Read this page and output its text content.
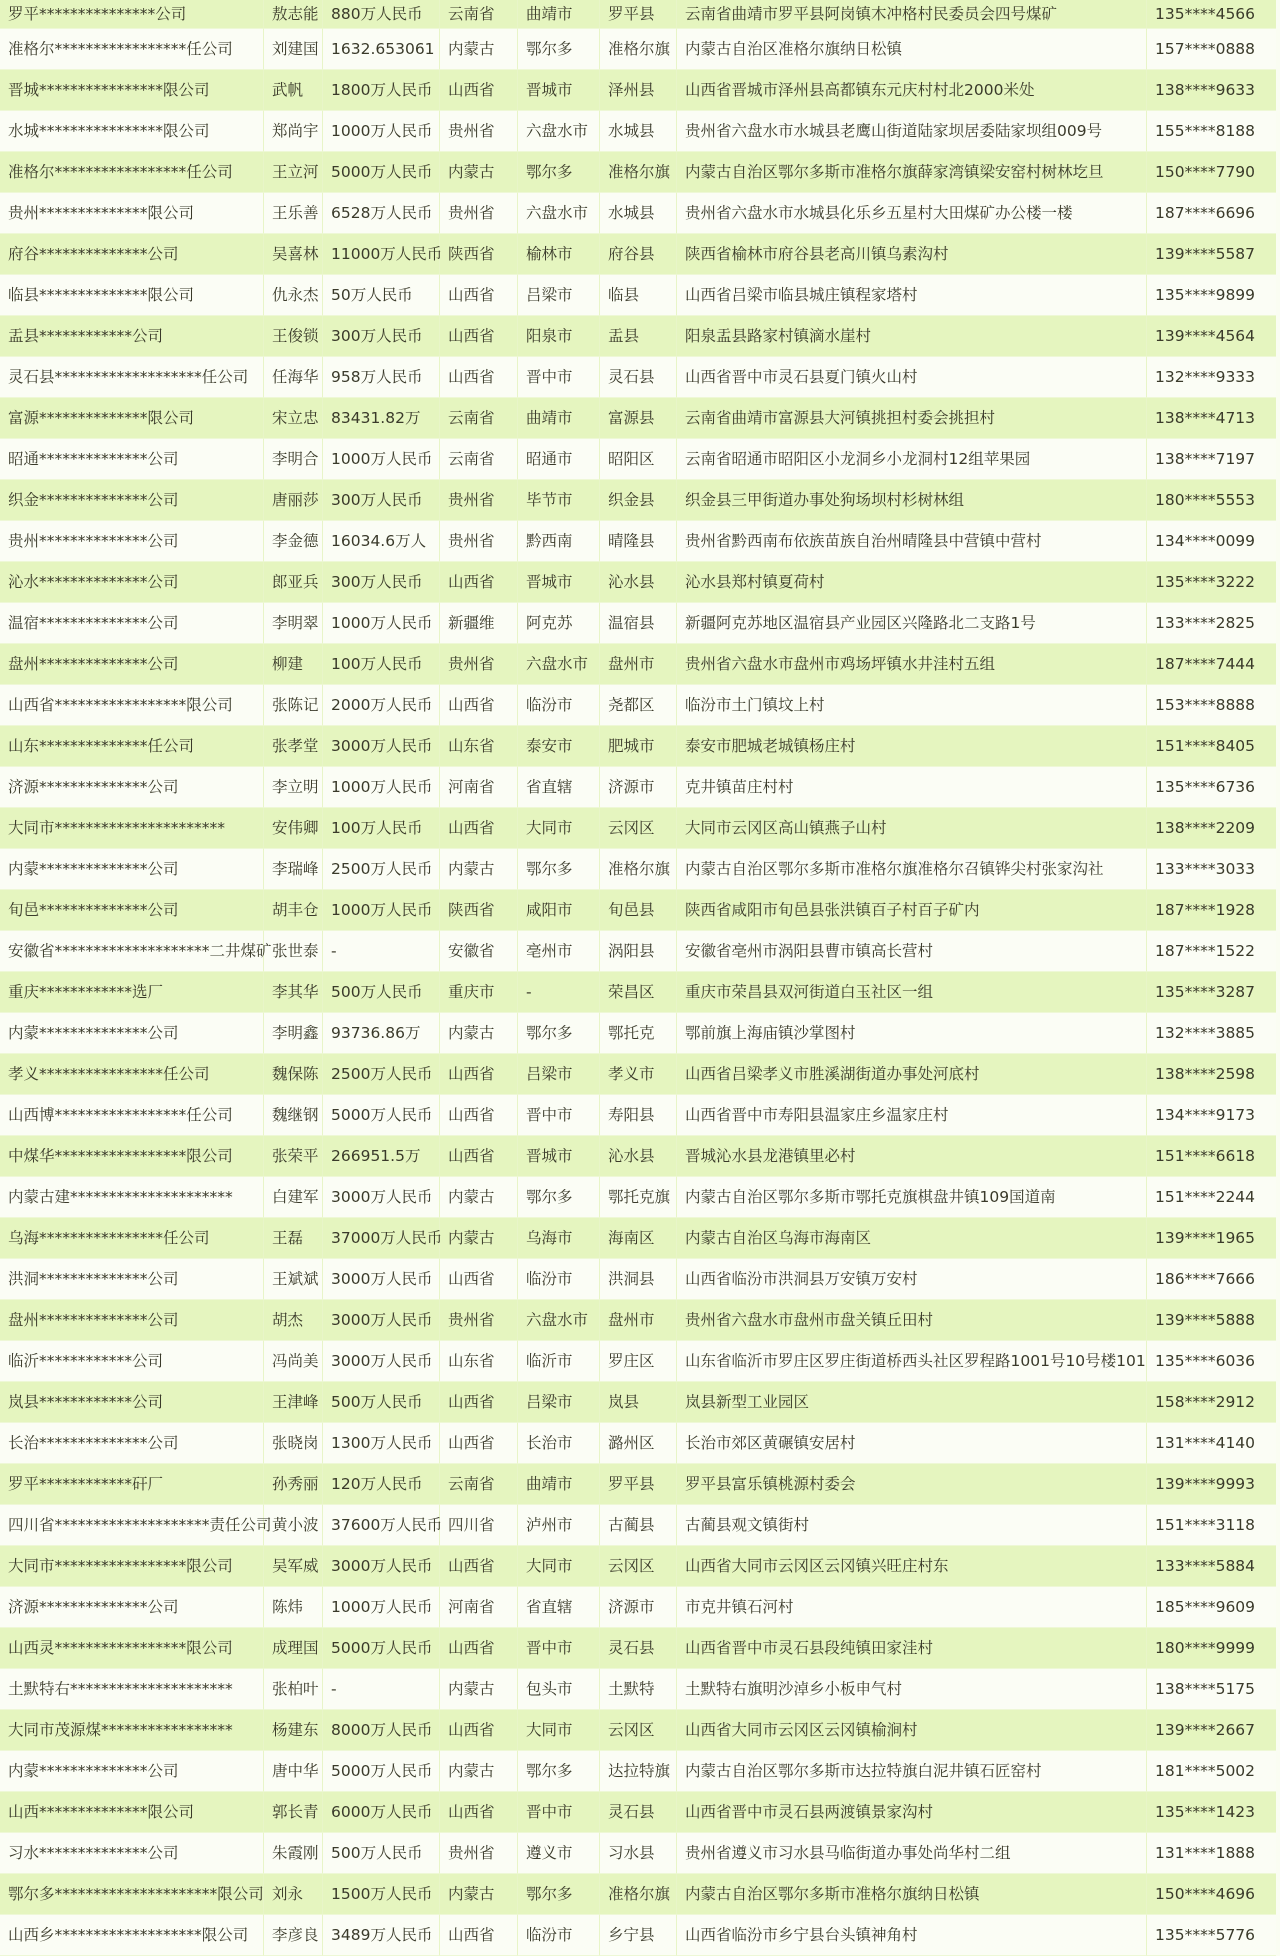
罗平***************公司	敖志能	880万人民币	云南省	曲靖市	罗平县	云南省曲靖市罗平县阿岗镇木冲格村民委员会四号煤矿	135****4566
准格尔*****************任公司	刘建国	1632.653061	内蒙古	鄂尔多	准格尔旗	内蒙古自治区准格尔旗纳日松镇	157****0888
晋城****************限公司	武帆	1800万人民币	山西省	晋城市	泽州县	山西省晋城市泽州县高都镇东元庆村村北2000米处	138****9633
水城****************限公司	郑尚宇	1000万人民币	贵州省	六盘水市	水城县	贵州省六盘水市水城县老鹰山街道陆家坝居委陆家坝组009号	155****8188
准格尔*****************任公司	王立河	5000万人民币	内蒙古	鄂尔多	准格尔旗	内蒙古自治区鄂尔多斯市准格尔旗薛家湾镇梁安窑村树林圪旦	150****7790
贵州**************限公司	王乐善	6528万人民币	贵州省	六盘水市	水城县	贵州省六盘水市水城县化乐乡五星村大田煤矿办公楼一楼	187****6696
府谷**************公司	吴喜林	11000万人民币	陕西省	榆林市	府谷县	陕西省榆林市府谷县老高川镇乌素沟村	139****5587
临县**************限公司	仇永杰	50万人民币	山西省	吕梁市	临县	山西省吕梁市临县城庄镇程家塔村	135****9899
盂县************公司	王俊锁	300万人民币	山西省	阳泉市	盂县	阳泉盂县路家村镇滴水崖村	139****4564
灵石县*******************任公司	任海华	958万人民币	山西省	晋中市	灵石县	山西省晋中市灵石县夏门镇火山村	132****9333
富源**************限公司	宋立忠	83431.82万	云南省	曲靖市	富源县	云南省曲靖市富源县大河镇挑担村委会挑担村	138****4713
昭通**************公司	李明合	1000万人民币	云南省	昭通市	昭阳区	云南省昭通市昭阳区小龙洞乡小龙洞村12组苹果园	138****7197
织金**************公司	唐丽莎	300万人民币	贵州省	毕节市	织金县	织金县三甲街道办事处狗场坝村杉树林组	180****5553
贵州**************公司	李金德	16034.6万人	贵州省	黔西南	晴隆县	贵州省黔西南布依族苗族自治州晴隆县中营镇中营村	134****0099
沁水**************公司	郎亚兵	300万人民币	山西省	晋城市	沁水县	沁水县郑村镇夏荷村	135****3222
温宿**************公司	李明翠	1000万人民币	新疆维	阿克苏	温宿县	新疆阿克苏地区温宿县产业园区兴隆路北二支路1号	133****2825
盘州**************公司	柳建	100万人民币	贵州省	六盘水市	盘州市	贵州省六盘水市盘州市鸡场坪镇水井洼村五组	187****7444
山西省*****************限公司	张陈记	2000万人民币	山西省	临汾市	尧都区	临汾市土门镇坟上村	153****8888
山东**************任公司	张孝堂	3000万人民币	山东省	泰安市	肥城市	泰安市肥城老城镇杨庄村	151****8405
济源**************公司	李立明	1000万人民币	河南省	省直辖	济源市	克井镇苗庄村村	135****6736
大同市**********************	安伟卿	100万人民币	山西省	大同市	云冈区	大同市云冈区高山镇燕子山村	138****2209
内蒙**************公司	李瑞峰	2500万人民币	内蒙古	鄂尔多	准格尔旗	内蒙古自治区鄂尔多斯市准格尔旗准格尔召镇铧尖村张家沟社	133****3033
旬邑**************公司	胡丰仓	1000万人民币	陕西省	咸阳市	旬邑县	陕西省咸阳市旬邑县张洪镇百子村百子矿内	187****1928
安徽省********************二井煤矿	张世泰	-	安徽省	亳州市	涡阳县	安徽省亳州市涡阳县曹市镇高长营村	187****1522
重庆************选厂	李其华	500万人民币	重庆市	-	荣昌区	重庆市荣昌县双河街道白玉社区一组	135****3287
内蒙**************公司	李明鑫	93736.86万	内蒙古	鄂尔多	鄂托克	鄂前旗上海庙镇沙掌图村	132****3885
孝义****************任公司	魏保陈	2500万人民币	山西省	吕梁市	孝义市	山西省吕梁孝义市胜溪湖街道办事处河底村	138****2598
山西博*****************任公司	魏继钢	5000万人民币	山西省	晋中市	寿阳县	山西省晋中市寿阳县温家庄乡温家庄村	134****9173
中煤华*****************限公司	张荣平	266951.5万	山西省	晋城市	沁水县	晋城沁水县龙港镇里必村	151****6618
内蒙古建*********************	白建军	3000万人民币	内蒙古	鄂尔多	鄂托克旗	内蒙古自治区鄂尔多斯市鄂托克旗棋盘井镇109国道南	151****2244
乌海****************任公司	王磊	37000万人民币	内蒙古	乌海市	海南区	内蒙古自治区乌海市海南区	139****1965
洪洞**************公司	王斌斌	3000万人民币	山西省	临汾市	洪洞县	山西省临汾市洪洞县万安镇万安村	186****7666
盘州**************公司	胡杰	3000万人民币	贵州省	六盘水市	盘州市	贵州省六盘水市盘州市盘关镇丘田村	139****5888
临沂************公司	冯尚美	3000万人民币	山东省	临沂市	罗庄区	山东省临沂市罗庄区罗庄街道桥西头社区罗程路1001号10号楼101	135****6036
岚县************公司	王津峰	500万人民币	山西省	吕梁市	岚县	岚县新型工业园区	158****2912
长治**************公司	张晓岗	1300万人民币	山西省	长治市	潞州区	长治市郊区黄碾镇安居村	131****4140
罗平************矸厂	孙秀丽	120万人民币	云南省	曲靖市	罗平县	罗平县富乐镇桃源村委会	139****9993
四川省********************责任公司	黄小波	37600万人民币	四川省	泸州市	古蔺县	古蔺县观文镇街村	151****3118
大同市*****************限公司	吴军威	3000万人民币	山西省	大同市	云冈区	山西省大同市云冈区云冈镇兴旺庄村东	133****5884
济源**************公司	陈炜	1000万人民币	河南省	省直辖	济源市	市克井镇石河村	185****9609
山西灵*****************限公司	成理国	5000万人民币	山西省	晋中市	灵石县	山西省晋中市灵石县段纯镇田家洼村	180****9999
土默特右*********************	张柏叶	-	内蒙古	包头市	土默特	土默特右旗明沙淖乡小板申气村	138****5175
大同市茂源煤*****************	杨建东	8000万人民币	山西省	大同市	云冈区	山西省大同市云冈区云冈镇榆涧村	139****2667
内蒙**************公司	唐中华	5000万人民币	内蒙古	鄂尔多	达拉特旗	内蒙古自治区鄂尔多斯市达拉特旗白泥井镇石匠窑村	181****5002
山西**************限公司	郭长青	6000万人民币	山西省	晋中市	灵石县	山西省晋中市灵石县两渡镇景家沟村	135****1423
习水**************公司	朱霞刚	500万人民币	贵州省	遵义市	习水县	贵州省遵义市习水县马临街道办事处尚华村二组	131****1888
鄂尔多*********************限公司	刘永	1500万人民币	内蒙古	鄂尔多	准格尔旗	内蒙古自治区鄂尔多斯市准格尔旗纳日松镇	150****4696
山西乡*******************限公司	李彦良	3489万人民币	山西省	临汾市	乡宁县	山西省临汾市乡宁县台头镇神角村	135****5776
